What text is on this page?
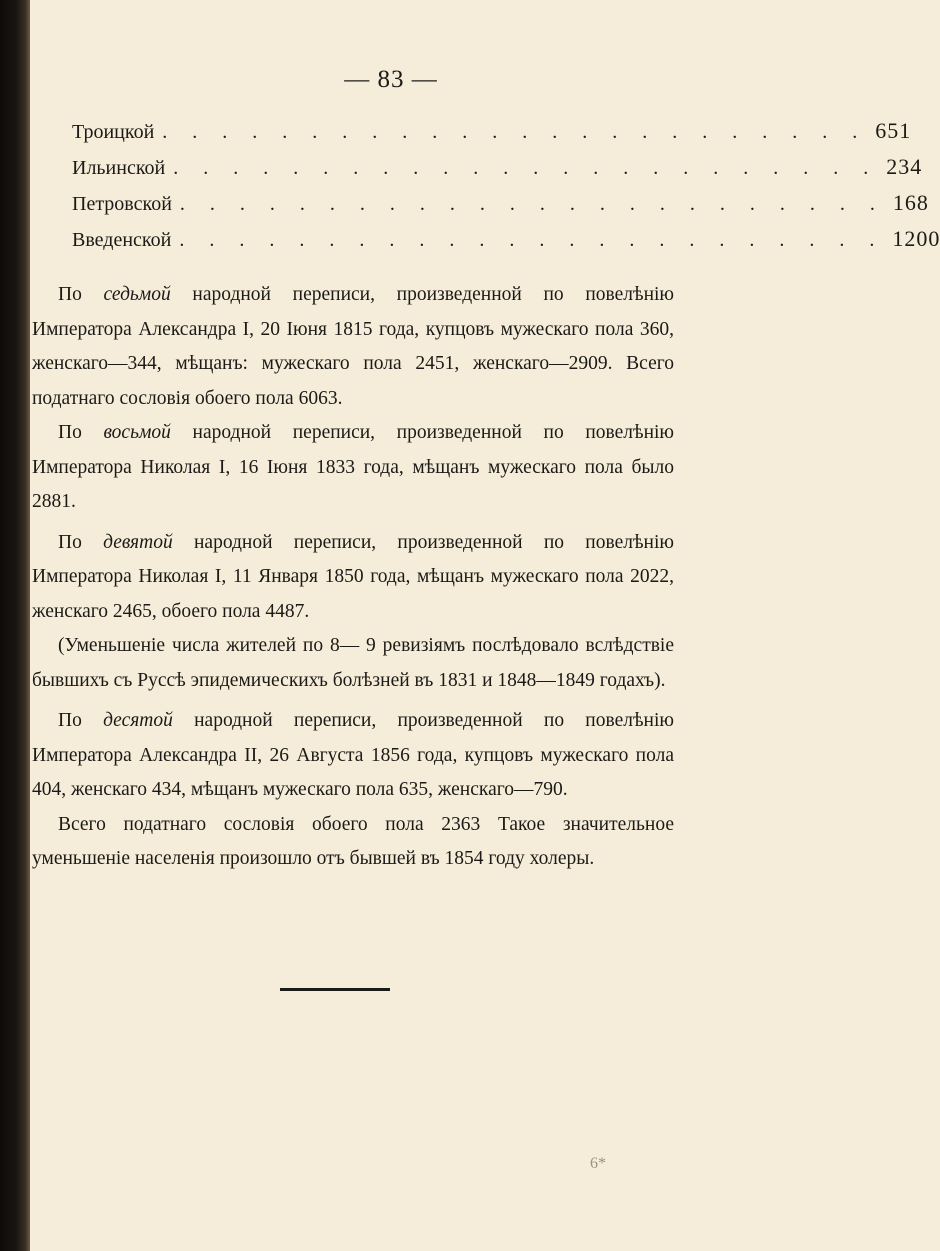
— 83 —
Троицкой . . . . . . . . . . . . . . . . . . . . . . . . 651
Ильинской . . . . . . . . . . . . . . . . . . . . . . . . 234
Петровской . . . . . . . . . . . . . . . . . . . . . . . . 168
Введенской . . . . . . . . . . . . . . . . . . . . . . . . 1200

По седьмой народной переписи, произведенной по повелѣнію Императора Александра I, 20 Іюня 1815 года, купцовъ мужескаго пола 360, женскаго—344, мѣщанъ: мужескаго пола 2451, женскаго—2909. Всего податнаго сословія обоего пола 6063.

По восьмой народной переписи, произведенной по повелѣнію Императора Николая I, 16 Іюня 1833 года, мѣщанъ мужескаго пола было 2881.

По девятой народной переписи, произведенной по повелѣнію Императора Николая I, 11 Января 1850 года, мѣщанъ мужескаго пола 2022, женскаго 2465, обоего пола 4487.

(Уменьшеніе числа жителей по 8— 9 ревизіямъ послѣдовало вслѣдствіе бывшихъ съ Руссѣ эпидемическихъ болѣзней въ 1831 и 1848—1849 годахъ).

По десятой народной переписи, произведенной по повелѣнію Императора Александра II, 26 Августа 1856 года, купцовъ мужескаго пола 404, женскаго 434, мѣщанъ мужескаго пола 635, женскаго—790.

Всего податнаго сословія обоего пола 2363 Такое значительное уменьшеніе населенія произошло отъ бывшей въ 1854 году холеры.

6*
